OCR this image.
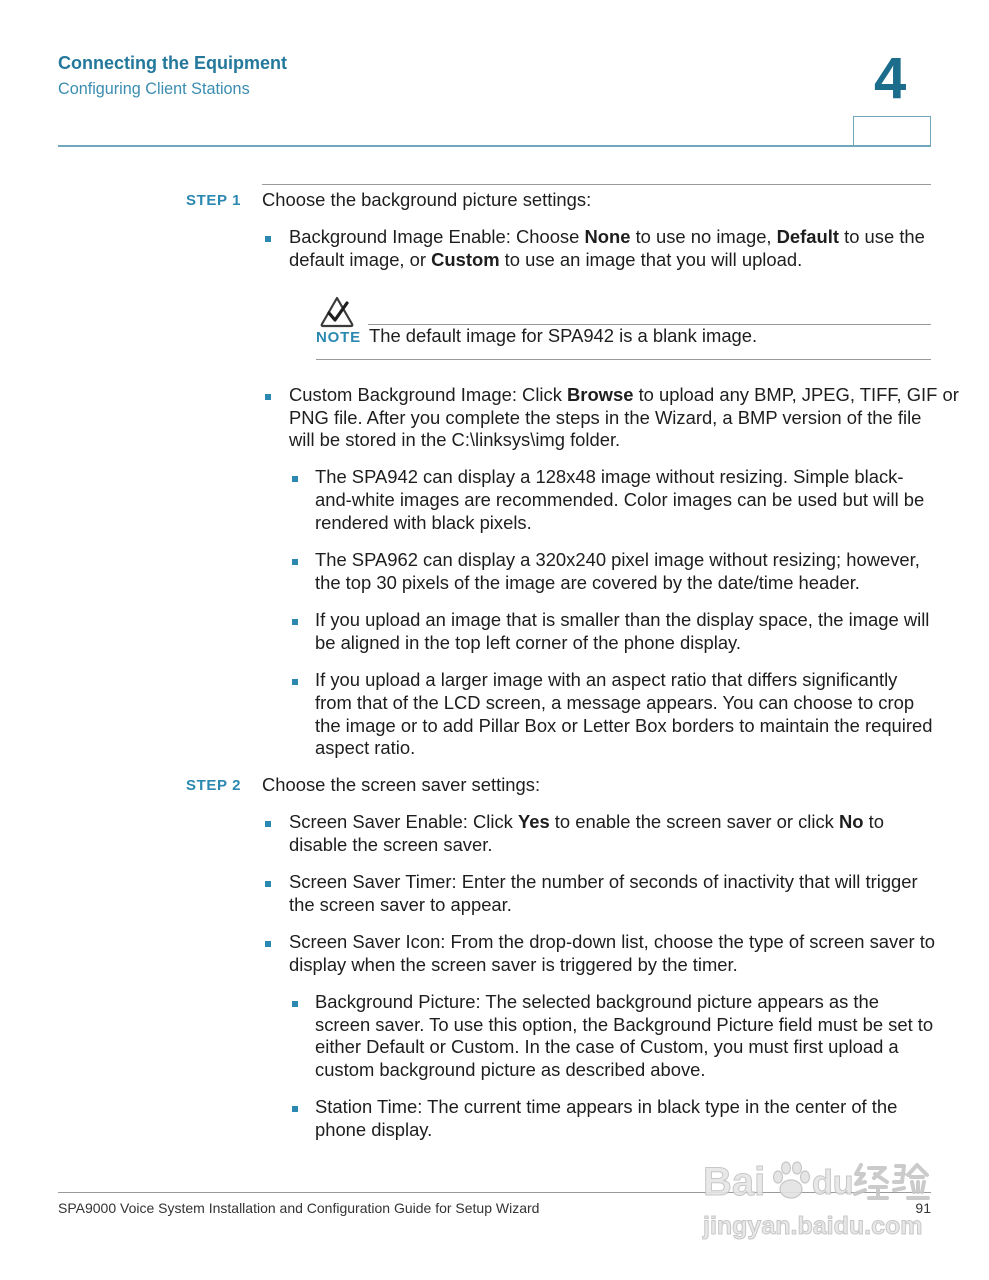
Connecting the Equipment
Configuring Client Stations	4
STEP 1	Choose the background picture settings:
Background Image Enable: Choose None to use no image, Default to use the
default image, or Custom to use an image that you will upload.
NOTE The default image for SPA942 is a blank image.
Custom Background Image: Click Browse to upload any BMP, JPEG, TIFF, GIF or
PNG file. After you complete the steps in the Wizard, a BMP version of the file
will be stored in the C:\linksys\img folder.
The SPA942 can display a 128x48 image without resizing. Simple black-
and-white images are recommended. Color images can be used but will be
rendered with black pixels.
The SPA962 can display a 320x240 pixel image without resizing; however,
the top 30 pixels of the image are covered by the date/time header.
If you upload an image that is smaller than the display space, the image will
be aligned in the top left corner of the phone display.
If you upload a larger image with an aspect ratio that differs significantly
from that of the LCD screen, a message appears. You can choose to crop
the image or to add Pillar Box or Letter Box borders to maintain the required
aspect ratio.
STEP 2	Choose the screen saver settings:
Screen Saver Enable: Click Yes to enable the screen saver or click No to
disable the screen saver.
Screen Saver Timer: Enter the number of seconds of inactivity that will trigger
the screen saver to appear.
Screen Saver Icon: From the drop-down list, choose the type of screen saver to
display when the screen saver is triggered by the timer.
Background Picture: The selected background picture appears as the
screen saver. To use this option, the Background Picture field must be set to
either Default or Custom. In the case of Custom, you must first upload a
custom background picture as described above.
Station Time: The current time appears in black type in the center of the
phone display.
SPA9000 Voice System Installation and Configuration Guide for Setup Wizard	91
Bai du
jingyan.baidu.com
